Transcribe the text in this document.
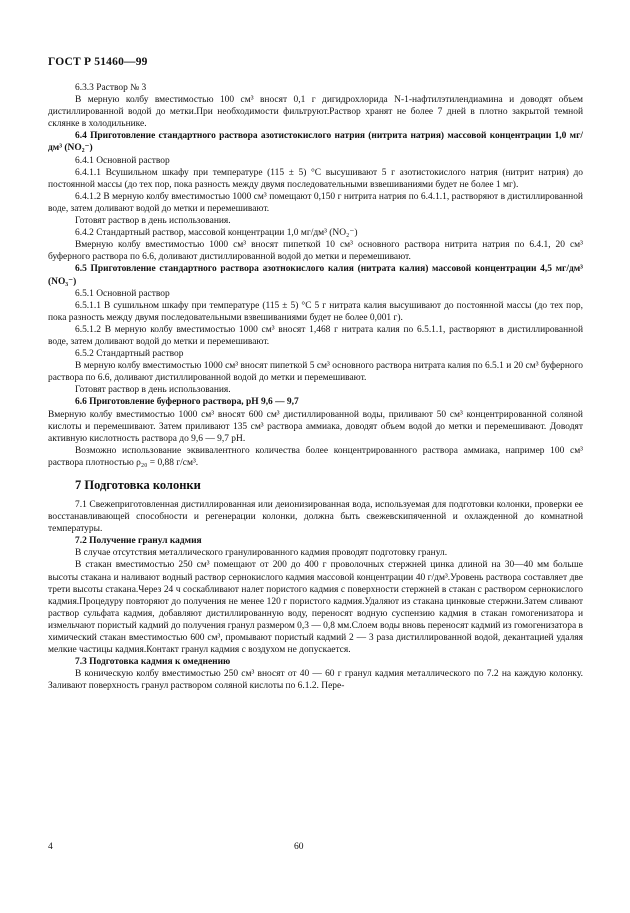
ГОСТ Р 51460—99

6.3.3 Раствор № 3

В мерную колбу вместимостью 100 см³ вносят 0,1 г дигидрохлорида N-1-нафтилэтилендиамина и доводят объем дистиллированной водой до метки.При необходимости фильтруют.Раствор хранят не более 7 дней в плотно закрытой темной склянке в холодильнике.

6.4 Приготовление стандартного раствора азотистокислого натрия (нитрита натрия) массовой концентрации 1,0 мг/дм³ (NO₂⁻)

6.4.1 Основной раствор

6.4.1.1 Всушильном шкафу при температуре (115 ± 5) °С высушивают 5 г азотистокислого натрия (нитрит натрия) до постоянной массы (до тех пор, пока разность между двумя последовательными взвешиваниями будет не более 1 мг).

6.4.1.2 В мерную колбу вместимостью 1000 см³ помещают 0,150 г нитрита натрия по 6.4.1.1, растворяют в дистиллированной воде, затем доливают водой до метки и перемешивают.

Готовят раствор в день использования.

6.4.2 Стандартный раствор, массовой концентрации 1,0 мг/дм³ (NO₂⁻)

Вмерную колбу вместимостью 1000 см³ вносят пипеткой 10 см³ основного раствора нитрита натрия по 6.4.1, 20 см³ буферного раствора по 6.6, доливают дистиллированной водой до метки и перемешивают.

6.5 Приготовление стандартного раствора азотнокислого калия (нитрата калия) массовой концентрации 4,5 мг/дм³ (NO₃⁻)

6.5.1 Основной раствор

6.5.1.1 В сушильном шкафу при температуре (115 ± 5) °С 5 г нитрата калия высушивают до постоянной массы (до тех пор, пока разность между двумя последовательными взвешиваниями будет не более 0,001 г).

6.5.1.2 В мерную колбу вместимостью 1000 см³ вносят 1,468 г нитрата калия по 6.5.1.1, растворяют в дистиллированной воде, затем доливают водой до метки и перемешивают.

6.5.2 Стандартный раствор

В мерную колбу вместимостью 1000 см³ вносят пипеткой 5 см³ основного раствора нитрата калия по 6.5.1 и 20 см³ буферного раствора по 6.6, доливают дистиллированной водой до метки и перемешивают.

Готовят раствор в день использования.

6.6 Приготовление буферного раствора, рН 9,6 — 9,7

Вмерную колбу вместимостью 1000 см³ вносят 600 см³ дистиллированной воды, приливают 50 см³ концентрированной соляной кислоты и перемешивают. Затем приливают 135 см³ раствора аммиака, доводят объем водой до метки и перемешивают. Доводят активную кислотность раствора до 9,6 — 9,7 рН.

Возможно использование эквивалентного количества более концентрированного раствора аммиака, например 100 см³ раствора плотностью ρ₂₀ = 0,88 г/см³.

7 Подготовка колонки

7.1 Свежеприготовленная дистиллированная или деионизированная вода, используемая для подготовки колонки, проверки ее восстанавливающей способности и регенерации колонки, должна быть свежевскипяченной и охлажденной до комнатной температуры.

7.2 Получение гранул кадмия

В случае отсутствия металлического гранулированного кадмия проводят подготовку гранул.

В стакан вместимостью 250 см³ помещают от 200 до 400 г проволочных стержней цинка длиной на 30—40 мм больше высоты стакана и наливают водный раствор сернокислого кадмия массовой концентрации 40 г/дм³.Уровень раствора составляет две трети высоты стакана.Через 24 ч соскабливают налет пористого кадмия с поверхности стержней в стакан с раствором сернокислого кадмия.Процедуру повторяют до получения не менее 120 г пористого кадмия.Удаляют из стакана цинковые стержни.Затем сливают раствор сульфата кадмия, добавляют дистиллированную воду, переносят водную суспензию кадмия в стакан гомогенизатора и измельчают пористый кадмий до получения гранул размером 0,3 — 0,8 мм.Слоем воды вновь переносят кадмий из гомогенизатора в химический стакан вместимостью 600 см³, промывают пористый кадмий 2 — 3 раза дистиллированной водой, декантацией удаляя мелкие частицы кадмия.Контакт гранул кадмия с воздухом не допускается.

7.3 Подготовка кадмия к омеднению

В коническую колбу вместимостью 250 см³ вносят от 40 — 60 г гранул кадмия металлического по 7.2 на каждую колонку. Заливают поверхность гранул раствором соляной кислоты по 6.1.2. Пере-

4	60
